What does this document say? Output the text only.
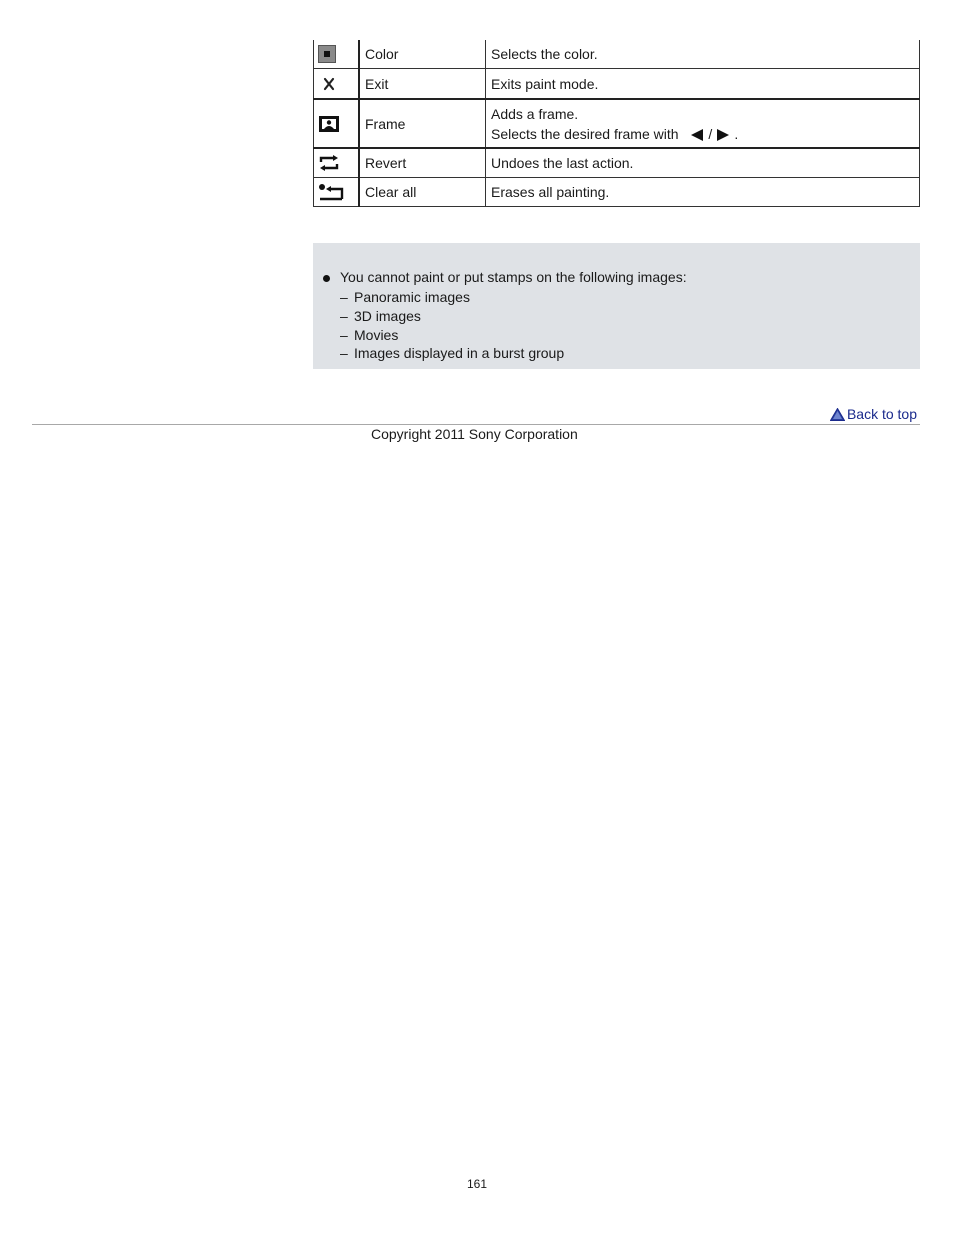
	Color	Selects the color.

	Exit	Exits paint mode.

	Frame	Adds a frame.
Selects the desired frame with / .

	Revert	Undoes the last action.

	Clear all	Erases all painting.
You cannot paint or put stamps on the following images:
– Panoramic images
– 3D images
– Movies
– Images displayed in a burst group
Back to top
Copyright 2011 Sony Corporation
161
